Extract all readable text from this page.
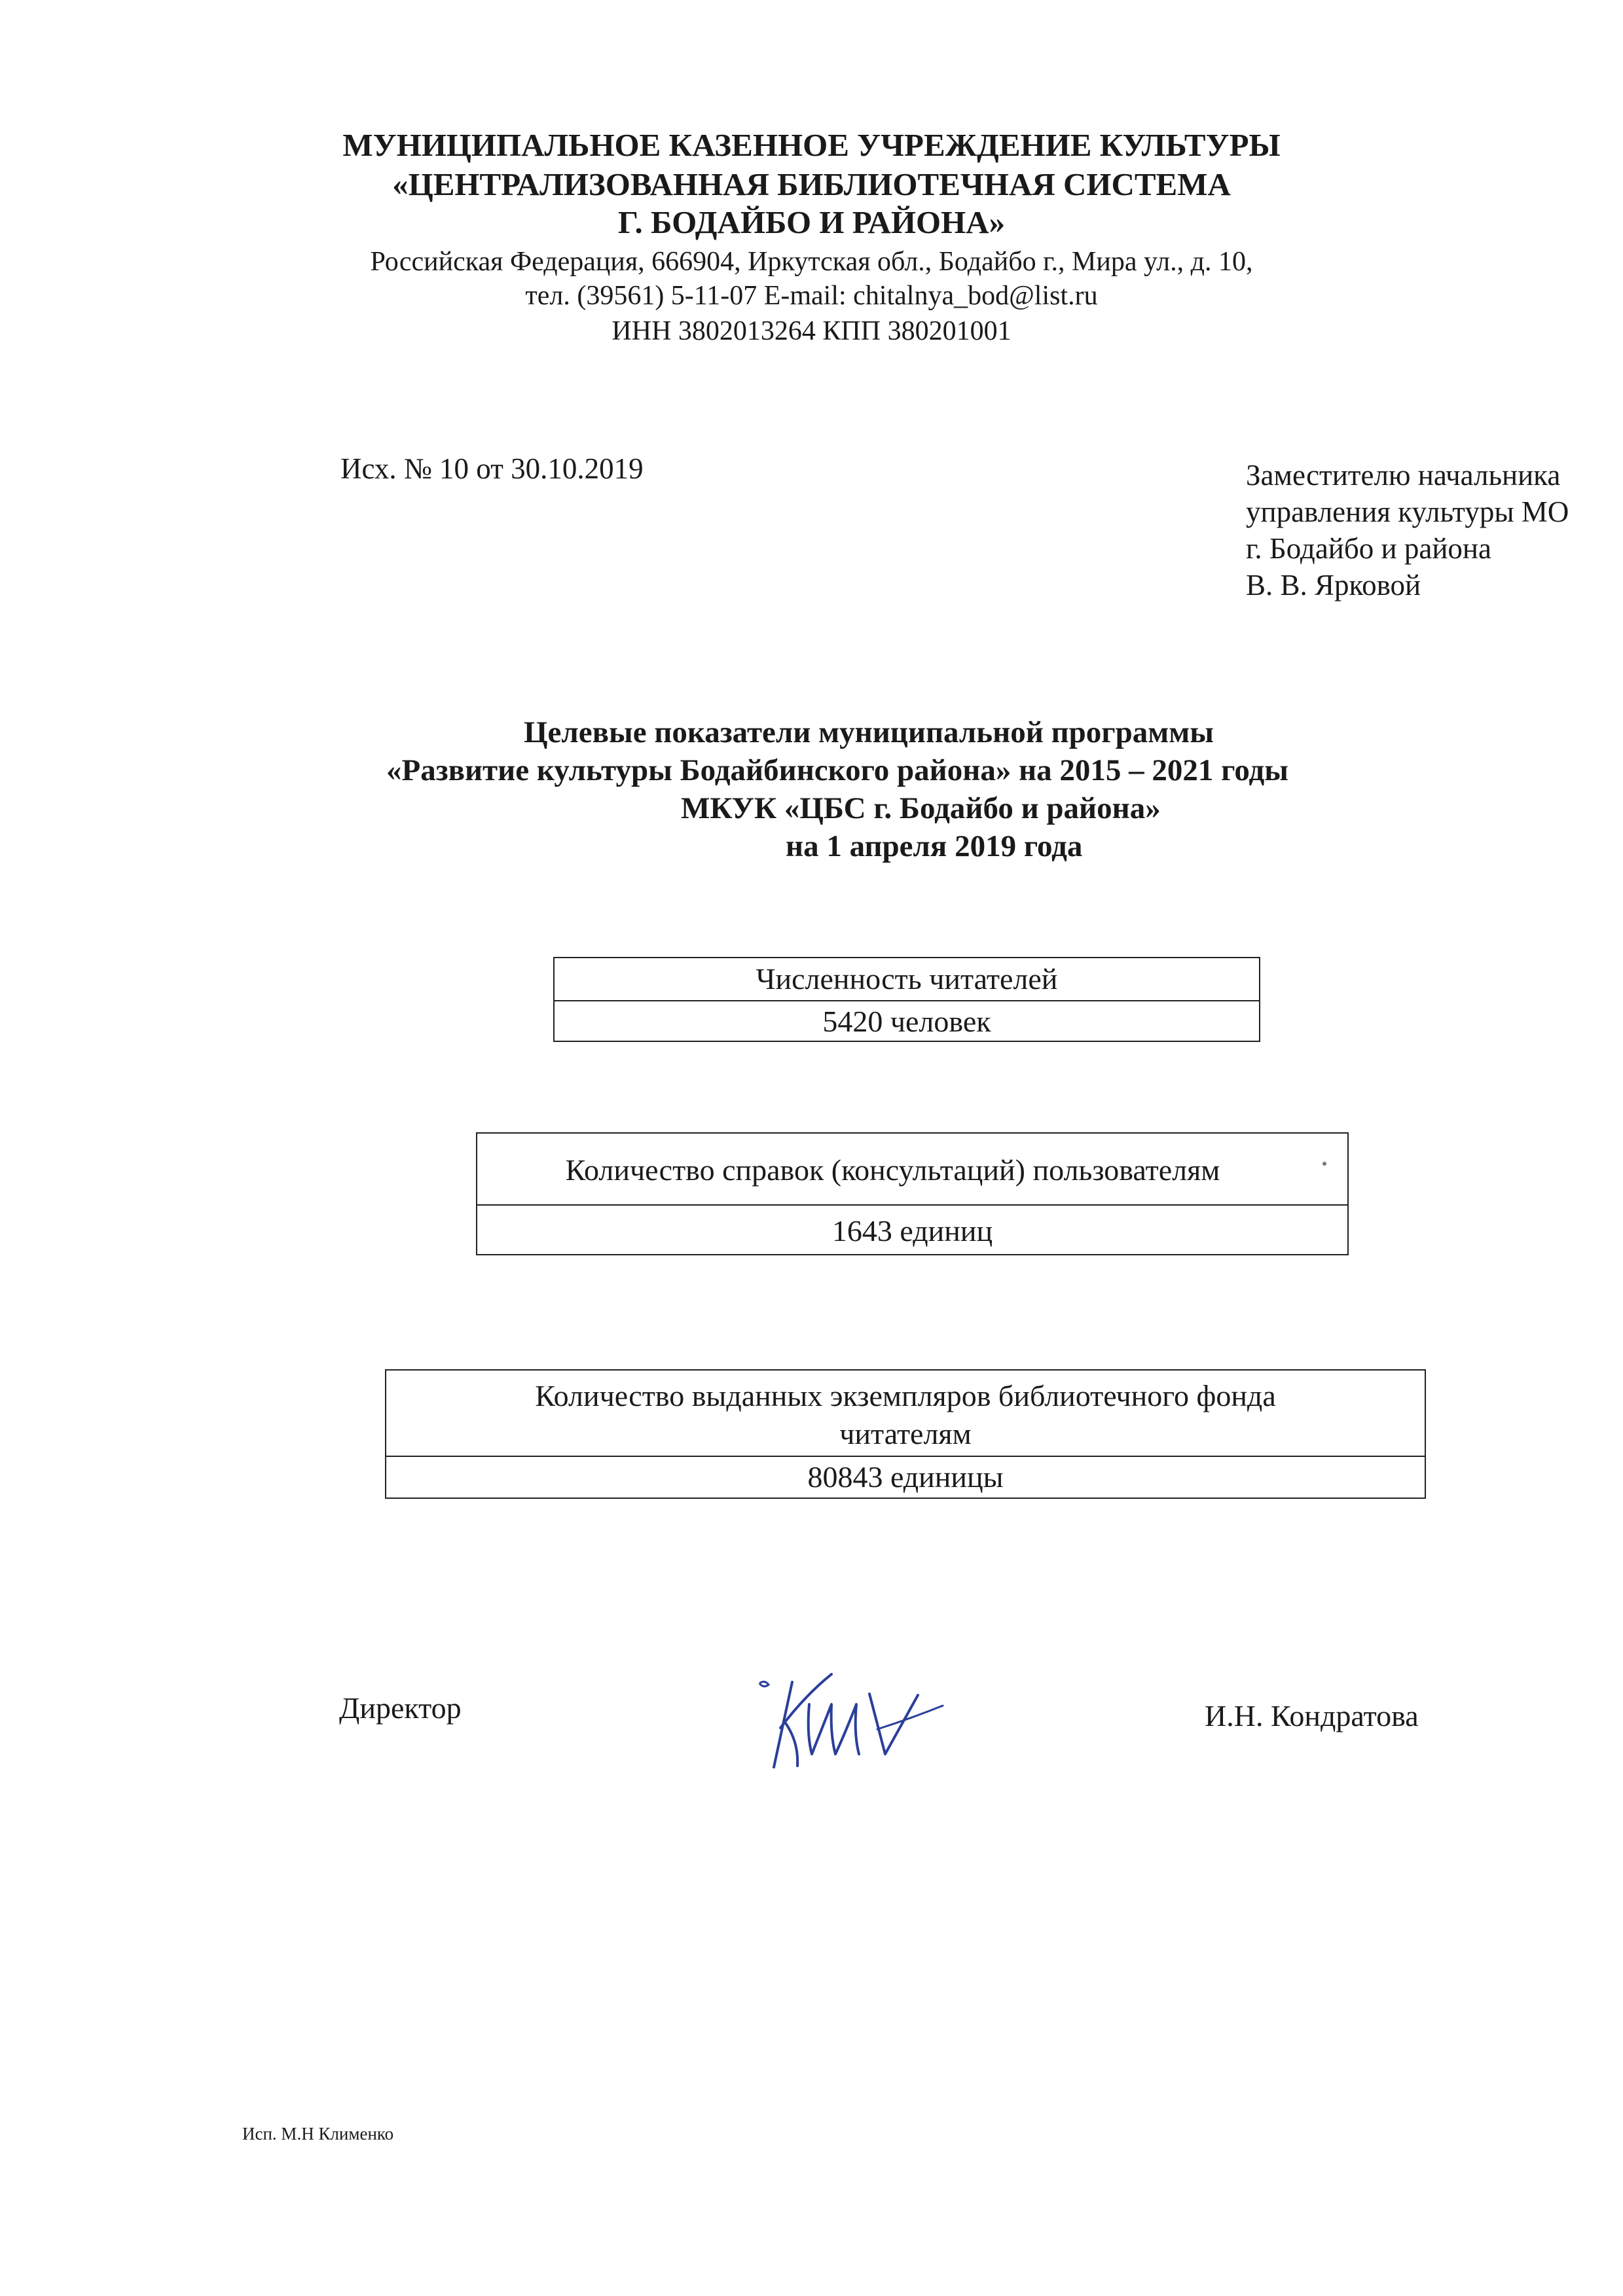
МУНИЦИПАЛЬНОЕ КАЗЕННОЕ УЧРЕЖДЕНИЕ КУЛЬТУРЫ
«ЦЕНТРАЛИЗОВАННАЯ БИБЛИОТЕЧНАЯ СИСТЕМА
Г. БОДАЙБО И РАЙОНА»
Российская Федерация, 666904, Иркутская обл., Бодайбо г., Мира ул., д. 10,
тел. (39561) 5-11-07 E-mail: chitalnya_bod@list.ru
ИНН 3802013264 КПП 380201001
Исх. № 10 от 30.10.2019	Заместителю начальника
управления культуры МО
г. Бодайбо и района
В. В. Ярковой
Целевые показатели муниципальной программы
«Развитие культуры Бодайбинского района» на 2015 – 2021 годы
МКУК «ЦБС г. Бодайбо и района»
на 1 апреля 2019 года
Численность читателей
5420 человек
Количество справок (консультаций) пользователям
1643 единиц
Количество выданных экземпляров библиотечного фонда
читателям
80843 единицы
Директор	И.Н. Кондратова
Исп. М.Н Клименко
